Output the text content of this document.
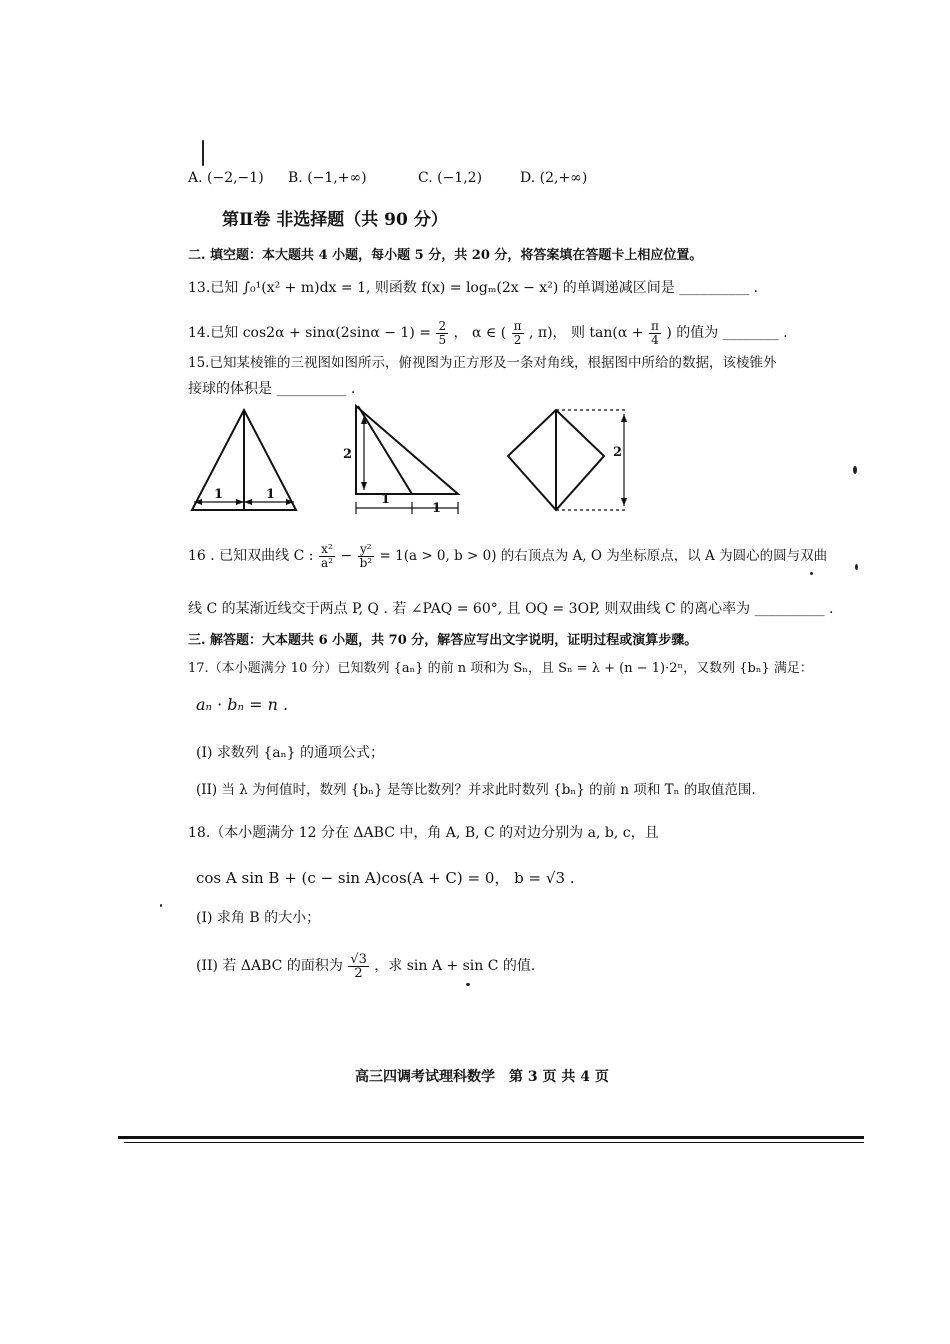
A. (−2,−1) B. (−1,+∞)	C. (−1,2)	D. (2,+∞)
第Ⅱ卷 非选择题（共 90 分）
二. 填空题：本大题共 4 小题，每小题 5 分，共 20 分，将答案填在答题卡上相应位置。
13.已知 ∫₀¹(x² + m)dx = 1, 则函数 f(x) = logₘ(2x − x²) 的单调递减区间是 __________ .
14.已知 $\cos 2\alpha + \sin\alpha(2\sin\alpha - 1) = \frac{2}{5}$ ， α ∈ ( $\frac{\pi}{2}$ , π)， 则 $\tan(\alpha + \frac{\pi}{4}$ ) 的值为 ________ .
15.已知某棱锥的三视图如图所示，俯视图为正方形及一条对角线，根据图中所给的数据，该棱锥外
接球的体积是 __________ .
1	1
2
1
1
2
16 . 已知双曲线 C : $\frac{\text{x²}}{\text{a²}} - \frac{\text{y²}}{\text{b²}} = 1(a > 0$, b > 0) 的右顶点为 A, O 为坐标原点，以 A 为圆心的圆与双曲
线 C 的某渐近线交于两点 P, Q . 若 ∠PAQ = 60°, 且 OQ = 3OP, 则双曲线 C 的离心率为 __________ .
三. 解答题：大本题共 6 小题，共 70 分，解答应写出文字说明，证明过程或演算步骤。
17.（本小题满分 10 分）已知数列 {aₙ} 的前 n 项和为 Sₙ，且 Sₙ = λ + (n − 1)·2ⁿ，又数列 {bₙ} 满足：
aₙ · bₙ = n .
(I) 求数列 {aₙ} 的通项公式；
(II) 当 λ 为何值时，数列 {bₙ} 是等比数列？并求此时数列 {bₙ} 的前 n 项和 Tₙ 的取值范围.
18.（本小题满分 12 分在 ΔABC 中，角 A, B, C 的对边分别为 a, b, c，且
cos A sin B + (c − sin A)cos(A + C) = 0， b = √3 .
(I) 求角 B 的大小；
(II) 若 ΔABC 的面积为 $\frac{√3}{2}$ ，求 sin A + sin C 的值.
高三四调考试理科数学　第 3 页 共 4 页
